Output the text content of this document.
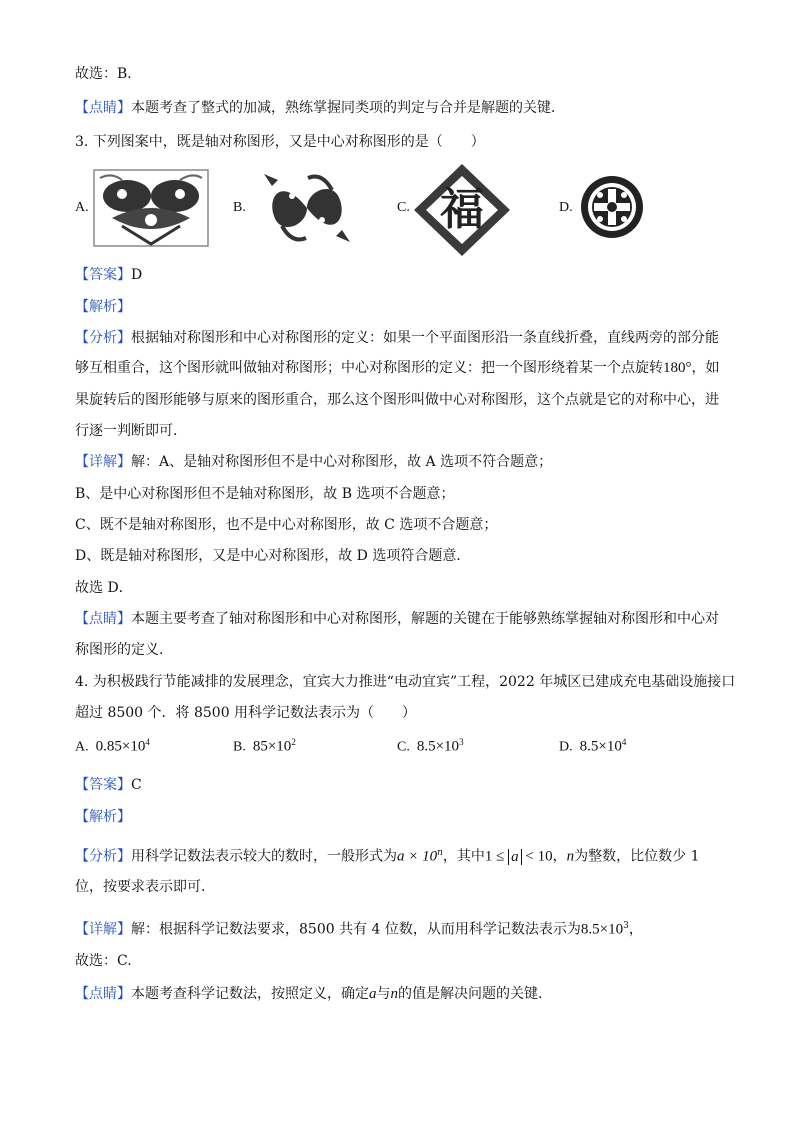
故选：B．
【点睛】本题考查了整式的加减，熟练掌握同类项的判定与合并是解题的关键．
3. 下列图案中，既是轴对称图形，又是中心对称图形的是（　　）
A.	B.	C.	D.
福
【答案】D
【解析】
【分析】根据轴对称图形和中心对称图形的定义：如果一个平面图形沿一条直线折叠，直线两旁的部分能
够互相重合，这个图形就叫做轴对称图形；中心对称图形的定义：把一个图形绕着某一个点旋转180°，如
果旋转后的图形能够与原来的图形重合，那么这个图形叫做中心对称图形，这个点就是它的对称中心，进
行逐一判断即可．
【详解】解：A、是轴对称图形但不是中心对称图形，故 A 选项不符合题意；
B、是中心对称图形但不是轴对称图形，故 B 选项不合题意；
C、既不是轴对称图形，也不是中心对称图形，故 C 选项不合题意；
D、既是轴对称图形，又是中心对称图形，故 D 选项符合题意．
故选 D．
【点睛】本题主要考查了轴对称图形和中心对称图形，解题的关键在于能够熟练掌握轴对称图形和中心对
称图形的定义.
4. 为积极践行节能减排的发展理念，宜宾大力推进“电动宜宾”工程，2022 年城区已建成充电基础设施接口
超过 8500 个．将 8500 用科学记数法表示为（　　）
A. $0.85\times 10^4$	B. $85\times 10^2$	C. $8.5\times 10^3$	D. $8.5\times 10^4$
【答案】C
【解析】
【分析】用科学记数法表示较大的数时，一般形式为$a \times 10^n$，其中1 ≤ a < 10，n为整数，比位数少 1
位，按要求表示即可.
【详解】解：根据科学记数法要求，8500 共有 4 位数，从而用科学记数法表示为$8.5\times 10^3$，
故选：C.
【点睛】本题考查科学记数法，按照定义，确定a与n的值是解决问题的关键.
